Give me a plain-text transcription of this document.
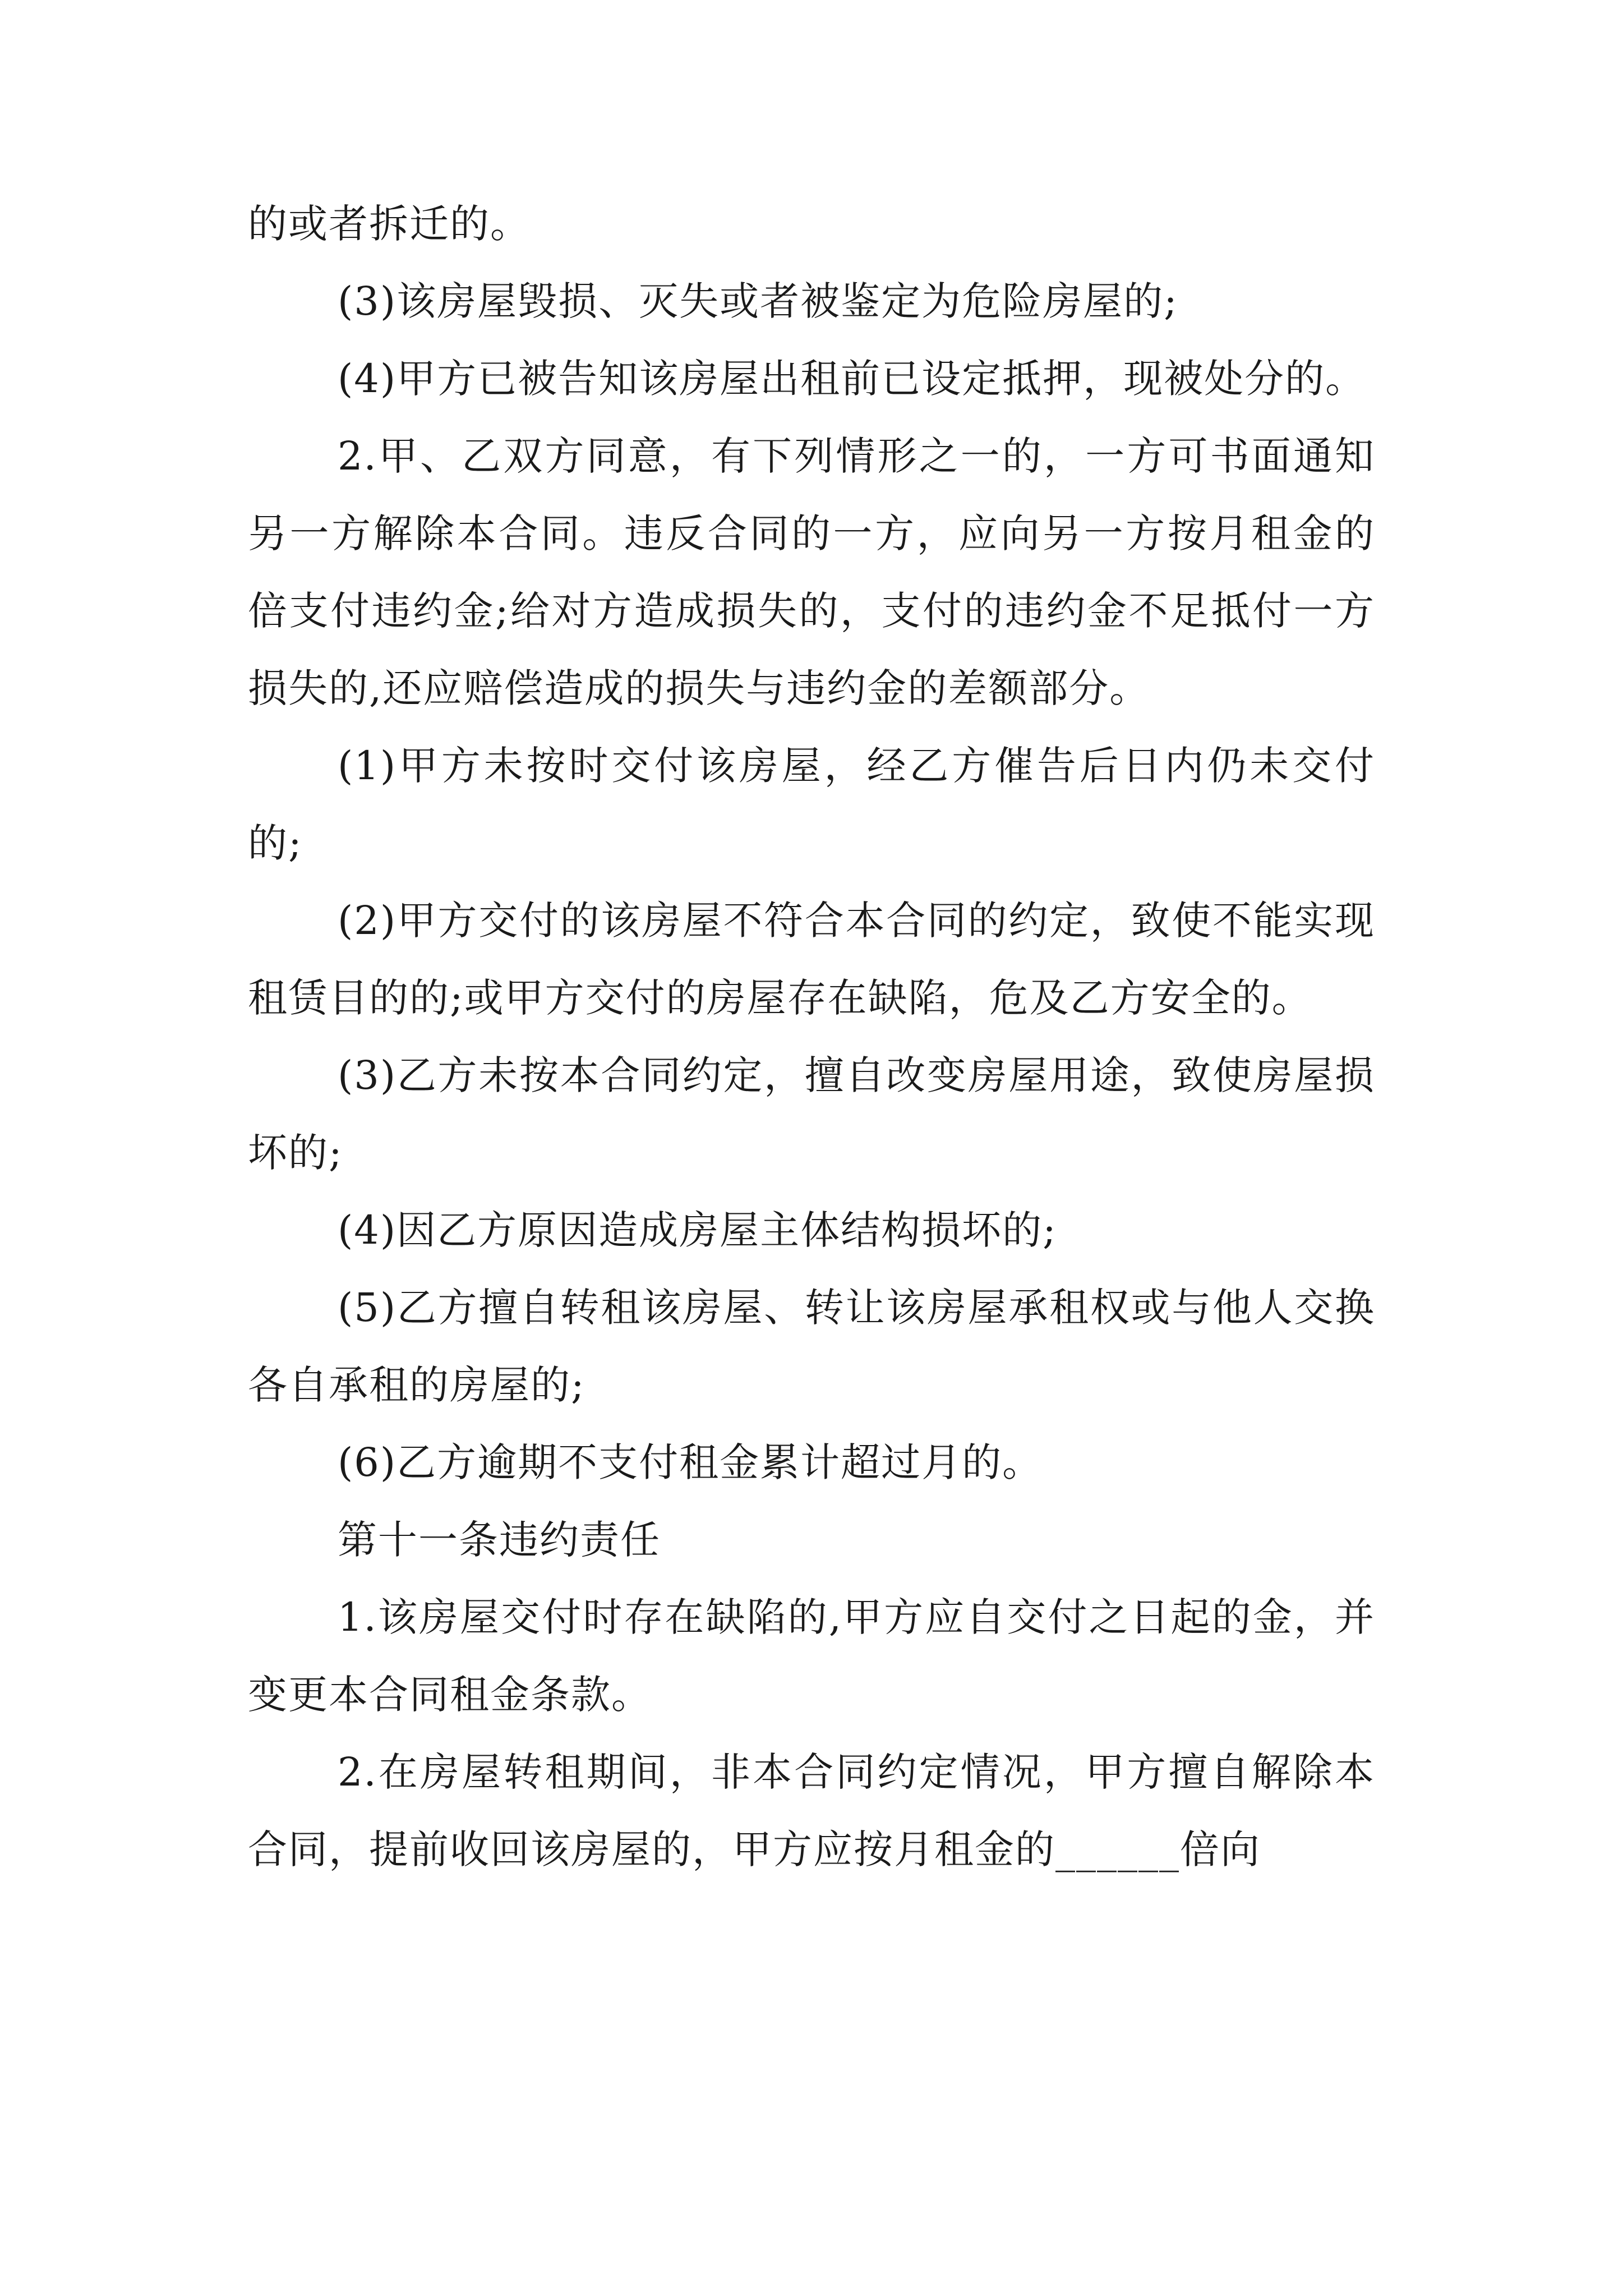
的或者拆迁的。

(3)该房屋毁损、灭失或者被鉴定为危险房屋的;

(4)甲方已被告知该房屋出租前已设定抵押，现被处分的。

2.甲、乙双方同意，有下列情形之一的，一方可书面通知另一方解除本合同。违反合同的一方，应向另一方按月租金的倍支付违约金;给对方造成损失的，支付的违约金不足抵付一方损失的,还应赔偿造成的损失与违约金的差额部分。

(1)甲方未按时交付该房屋，经乙方催告后日内仍未交付的;

(2)甲方交付的该房屋不符合本合同的约定，致使不能实现租赁目的的;或甲方交付的房屋存在缺陷，危及乙方安全的。

(3)乙方未按本合同约定，擅自改变房屋用途，致使房屋损坏的;

(4)因乙方原因造成房屋主体结构损坏的;

(5)乙方擅自转租该房屋、转让该房屋承租权或与他人交换各自承租的房屋的;

(6)乙方逾期不支付租金累计超过月的。

第十一条违约责任

1.该房屋交付时存在缺陷的,甲方应自交付之日起的金，并变更本合同租金条款。

2.在房屋转租期间，非本合同约定情况，甲方擅自解除本合同，提前收回该房屋的，甲方应按月租金的______倍向
